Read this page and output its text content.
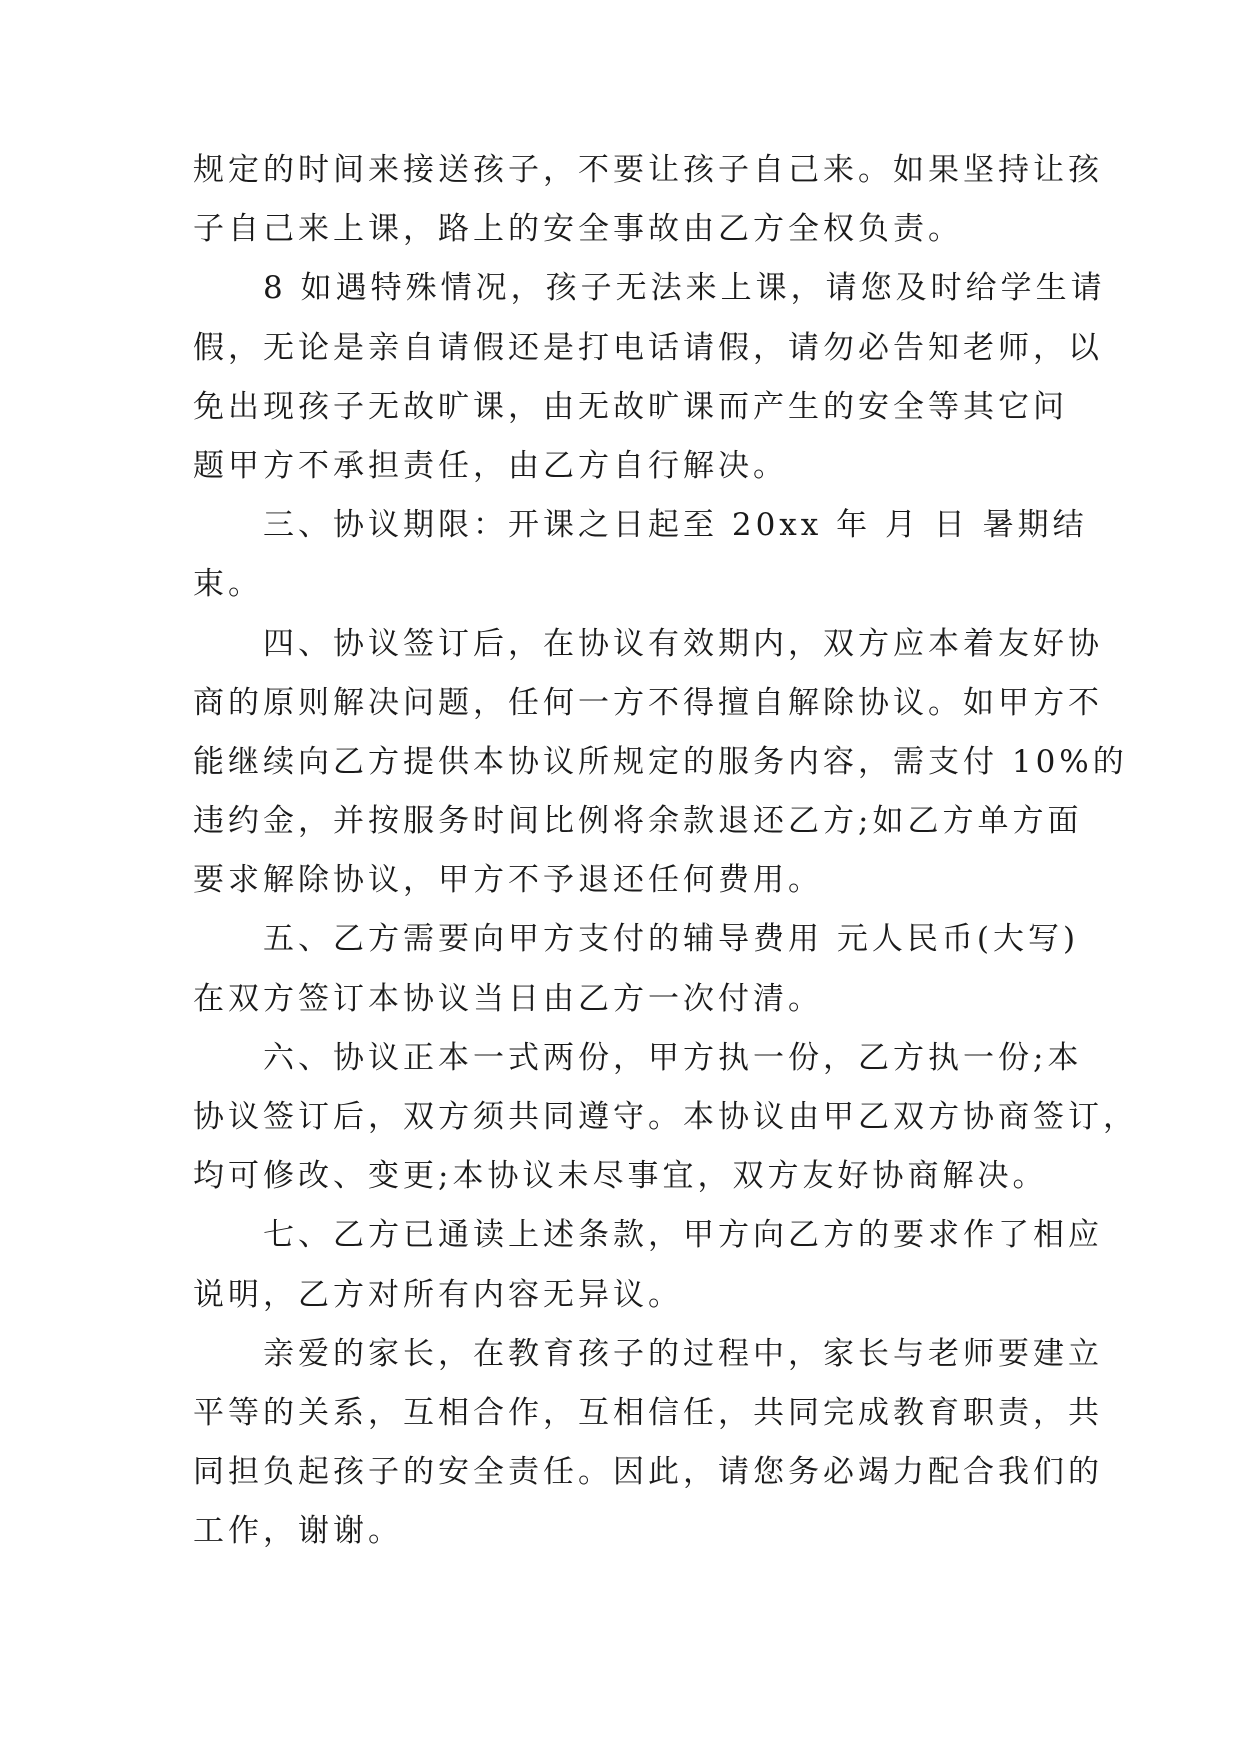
规定的时间来接送孩子，不要让孩子自己来。如果坚持让孩
子自己来上课，路上的安全事故由乙方全权负责。

　　8 如遇特殊情况，孩子无法来上课，请您及时给学生请
假，无论是亲自请假还是打电话请假，请勿必告知老师，以
免出现孩子无故旷课，由无故旷课而产生的安全等其它问
题甲方不承担责任，由乙方自行解决。

　　三、协议期限：开课之日起至 20xx 年 月 日 暑期结
束。

　　四、协议签订后，在协议有效期内，双方应本着友好协
商的原则解决问题，任何一方不得擅自解除协议。如甲方不
能继续向乙方提供本协议所规定的服务内容，需支付 10%的
违约金，并按服务时间比例将余款退还乙方;如乙方单方面
要求解除协议，甲方不予退还任何费用。

　　五、乙方需要向甲方支付的辅导费用 元人民币(大写)
在双方签订本协议当日由乙方一次付清。

　　六、协议正本一式两份，甲方执一份，乙方执一份;本
协议签订后，双方须共同遵守。本协议由甲乙双方协商签订，
均可修改、变更;本协议未尽事宜，双方友好协商解决。

　　七、乙方已通读上述条款，甲方向乙方的要求作了相应
说明，乙方对所有内容无异议。

　　亲爱的家长，在教育孩子的过程中，家长与老师要建立
平等的关系，互相合作，互相信任，共同完成教育职责，共
同担负起孩子的安全责任。因此，请您务必竭力配合我们的
工作，谢谢。
